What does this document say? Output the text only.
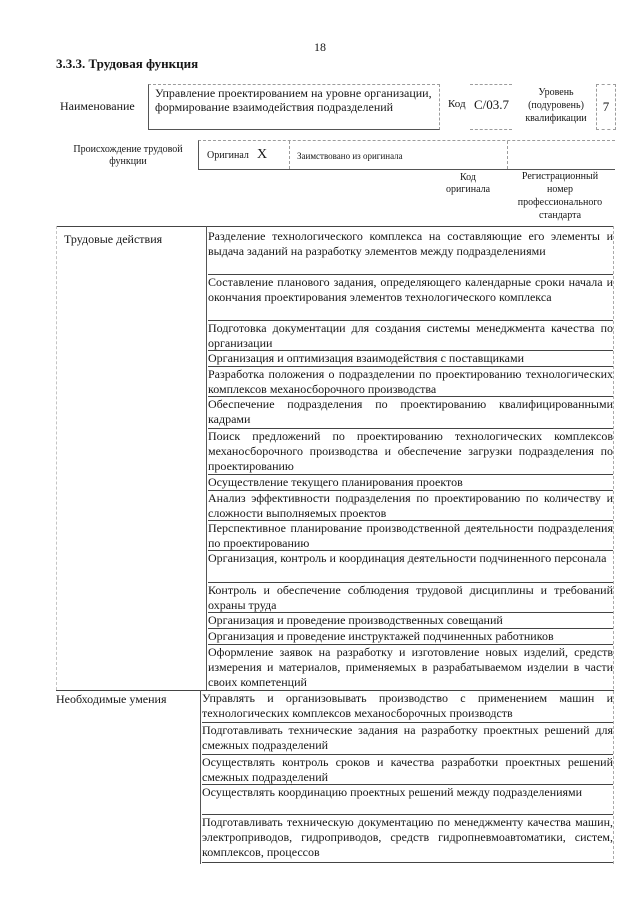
18
3.3.3. Трудовая функция
Наименование
Управление проектированием на уровне организации, формирование взаимодействия подразделений	Код C/03.7
Уровень (подуровень) квалификации
7
Происхождение трудовой функции
Оригинал X	Заимствовано из оригинала
Код оригинала
Регистрационный номер профессионального стандарта
Трудовые действия
Необходимые умения
Разделение технологического комплекса на составляющие его элементы и выдача заданий на разработку элементов между подразделениями
Составление планового задания, определяющего календарные сроки начала и окончания проектирования элементов технологического комплекса
Подготовка документации для создания системы менеджмента качества по организации
Организация и оптимизация взаимодействия с поставщиками
Разработка положения о подразделении по проектированию технологических комплексов механосборочного производства
Обеспечение подразделения по проектированию квалифицированными кадрами
Поиск предложений по проектированию технологических комплексов механосборочного производства и обеспечение загрузки подразделения по проектированию
Осуществление текущего планирования проектов
Анализ эффективности подразделения по проектированию по количеству и сложности выполняемых проектов
Перспективное планирование производственной деятельности подразделения по проектированию
Организация, контроль и координация деятельности подчиненного персонала
Контроль и обеспечение соблюдения трудовой дисциплины и требований охраны труда
Организация и проведение производственных совещаний
Организация и проведение инструктажей подчиненных работников
Оформление заявок на разработку и изготовление новых изделий, средств измерения и материалов, применяемых в разрабатываемом изделии в части своих компетенций
Управлять и организовывать производство с применением машин и технологических комплексов механосборочных производств
Подготавливать технические задания на разработку проектных решений для смежных подразделений
Осуществлять контроль сроков и качества разработки проектных решений смежных подразделений
Осуществлять координацию проектных решений между подразделениями
Подготавливать техническую документацию по менеджменту качества машин, электроприводов, гидроприводов, средств гидропневмоавтоматики, систем, комплексов, процессов
